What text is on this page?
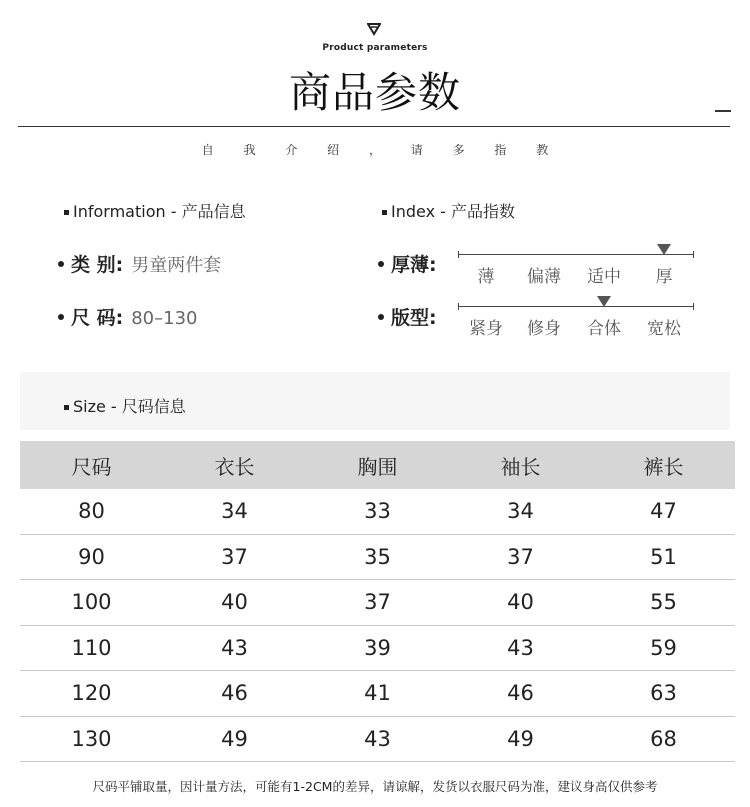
Product parameters
商品参数
自 我 介 绍 ， 请 多 指 教
Information - 产品信息
类 别: 男童两件套
尺 码: 80–130
Index - 产品指数
厚薄:
薄 偏薄 适中 厚
版型: 紧身 修身 合体 宽松
Size - 尺码信息
尺码	衣长	胸围	袖长	裤长
80	34	33	34	47
90	37	35	37	51
100	40	37	40	55
110	43	39	43	59
120	46	41	46	63
130	49	43	49	68
尺码平铺取量，因计量方法，可能有1-2CM的差异，请谅解，发货以衣服尺码为准，建议身高仅供参考
